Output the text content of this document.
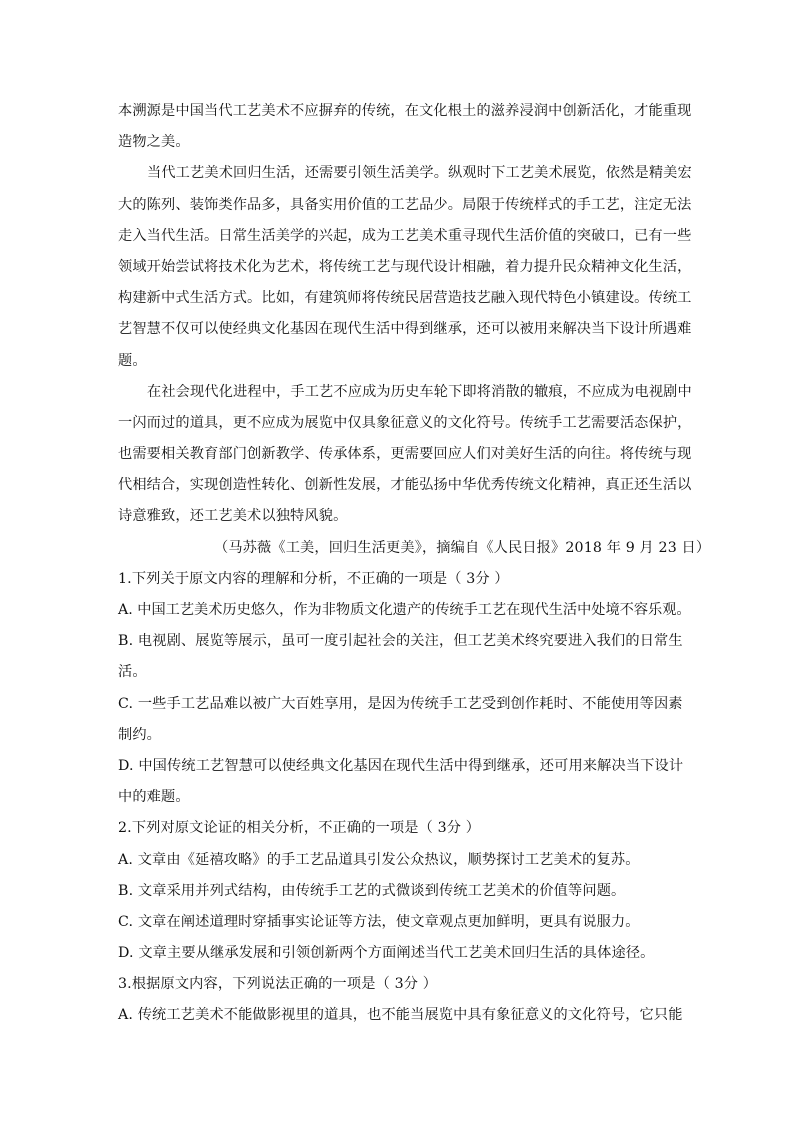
本溯源是中国当代工艺美术不应摒弃的传统，在文化根土的滋养浸润中创新活化，才能重现
造物之美。
当代工艺美术回归生活，还需要引领生活美学。纵观时下工艺美术展览，依然是精美宏
大的陈列、装饰类作品多，具备实用价值的工艺品少。局限于传统样式的手工艺，注定无法
走入当代生活。日常生活美学的兴起，成为工艺美术重寻现代生活价值的突破口，已有一些
领域开始尝试将技术化为艺术，将传统工艺与现代设计相融，着力提升民众精神文化生活，
构建新中式生活方式。比如，有建筑师将传统民居营造技艺融入现代特色小镇建设。传统工
艺智慧不仅可以使经典文化基因在现代生活中得到继承，还可以被用来解决当下设计所遇难
题。
在社会现代化进程中，手工艺不应成为历史车轮下即将消散的辙痕，不应成为电视剧中
一闪而过的道具，更不应成为展览中仅具象征意义的文化符号。传统手工艺需要活态保护，
也需要相关教育部门创新教学、传承体系，更需要回应人们对美好生活的向往。将传统与现
代相结合，实现创造性转化、创新性发展，才能弘扬中华优秀传统文化精神，真正还生活以
诗意雅致，还工艺美术以独特风貌。
（马苏薇《工美，回归生活更美》，摘编自《人民日报》2018 年 9 月 23 日）
1.下列关于原文内容的理解和分析，不正确的一项是（ 3分 ）
A. 中国工艺美术历史悠久，作为非物质文化遗产的传统手工艺在现代生活中处境不容乐观。
B. 电视剧、展览等展示，虽可一度引起社会的关注，但工艺美术终究要进入我们的日常生
活。
C. 一些手工艺品难以被广大百姓享用，是因为传统手工艺受到创作耗时、不能使用等因素
制约。
D. 中国传统工艺智慧可以使经典文化基因在现代生活中得到继承，还可用来解决当下设计
中的难题。
2.下列对原文论证的相关分析，不正确的一项是（ 3分 ）
A. 文章由《延禧攻略》的手工艺品道具引发公众热议，顺势探讨工艺美术的复苏。
B. 文章采用并列式结构，由传统手工艺的式微谈到传统工艺美术的价值等问题。
C. 文章在阐述道理时穿插事实论证等方法，使文章观点更加鲜明，更具有说服力。
D. 文章主要从继承发展和引领创新两个方面阐述当代工艺美术回归生活的具体途径。
3.根据原文内容，下列说法正确的一项是（ 3分 ）
A. 传统工艺美术不能做影视里的道具，也不能当展览中具有象征意义的文化符号，它只能
